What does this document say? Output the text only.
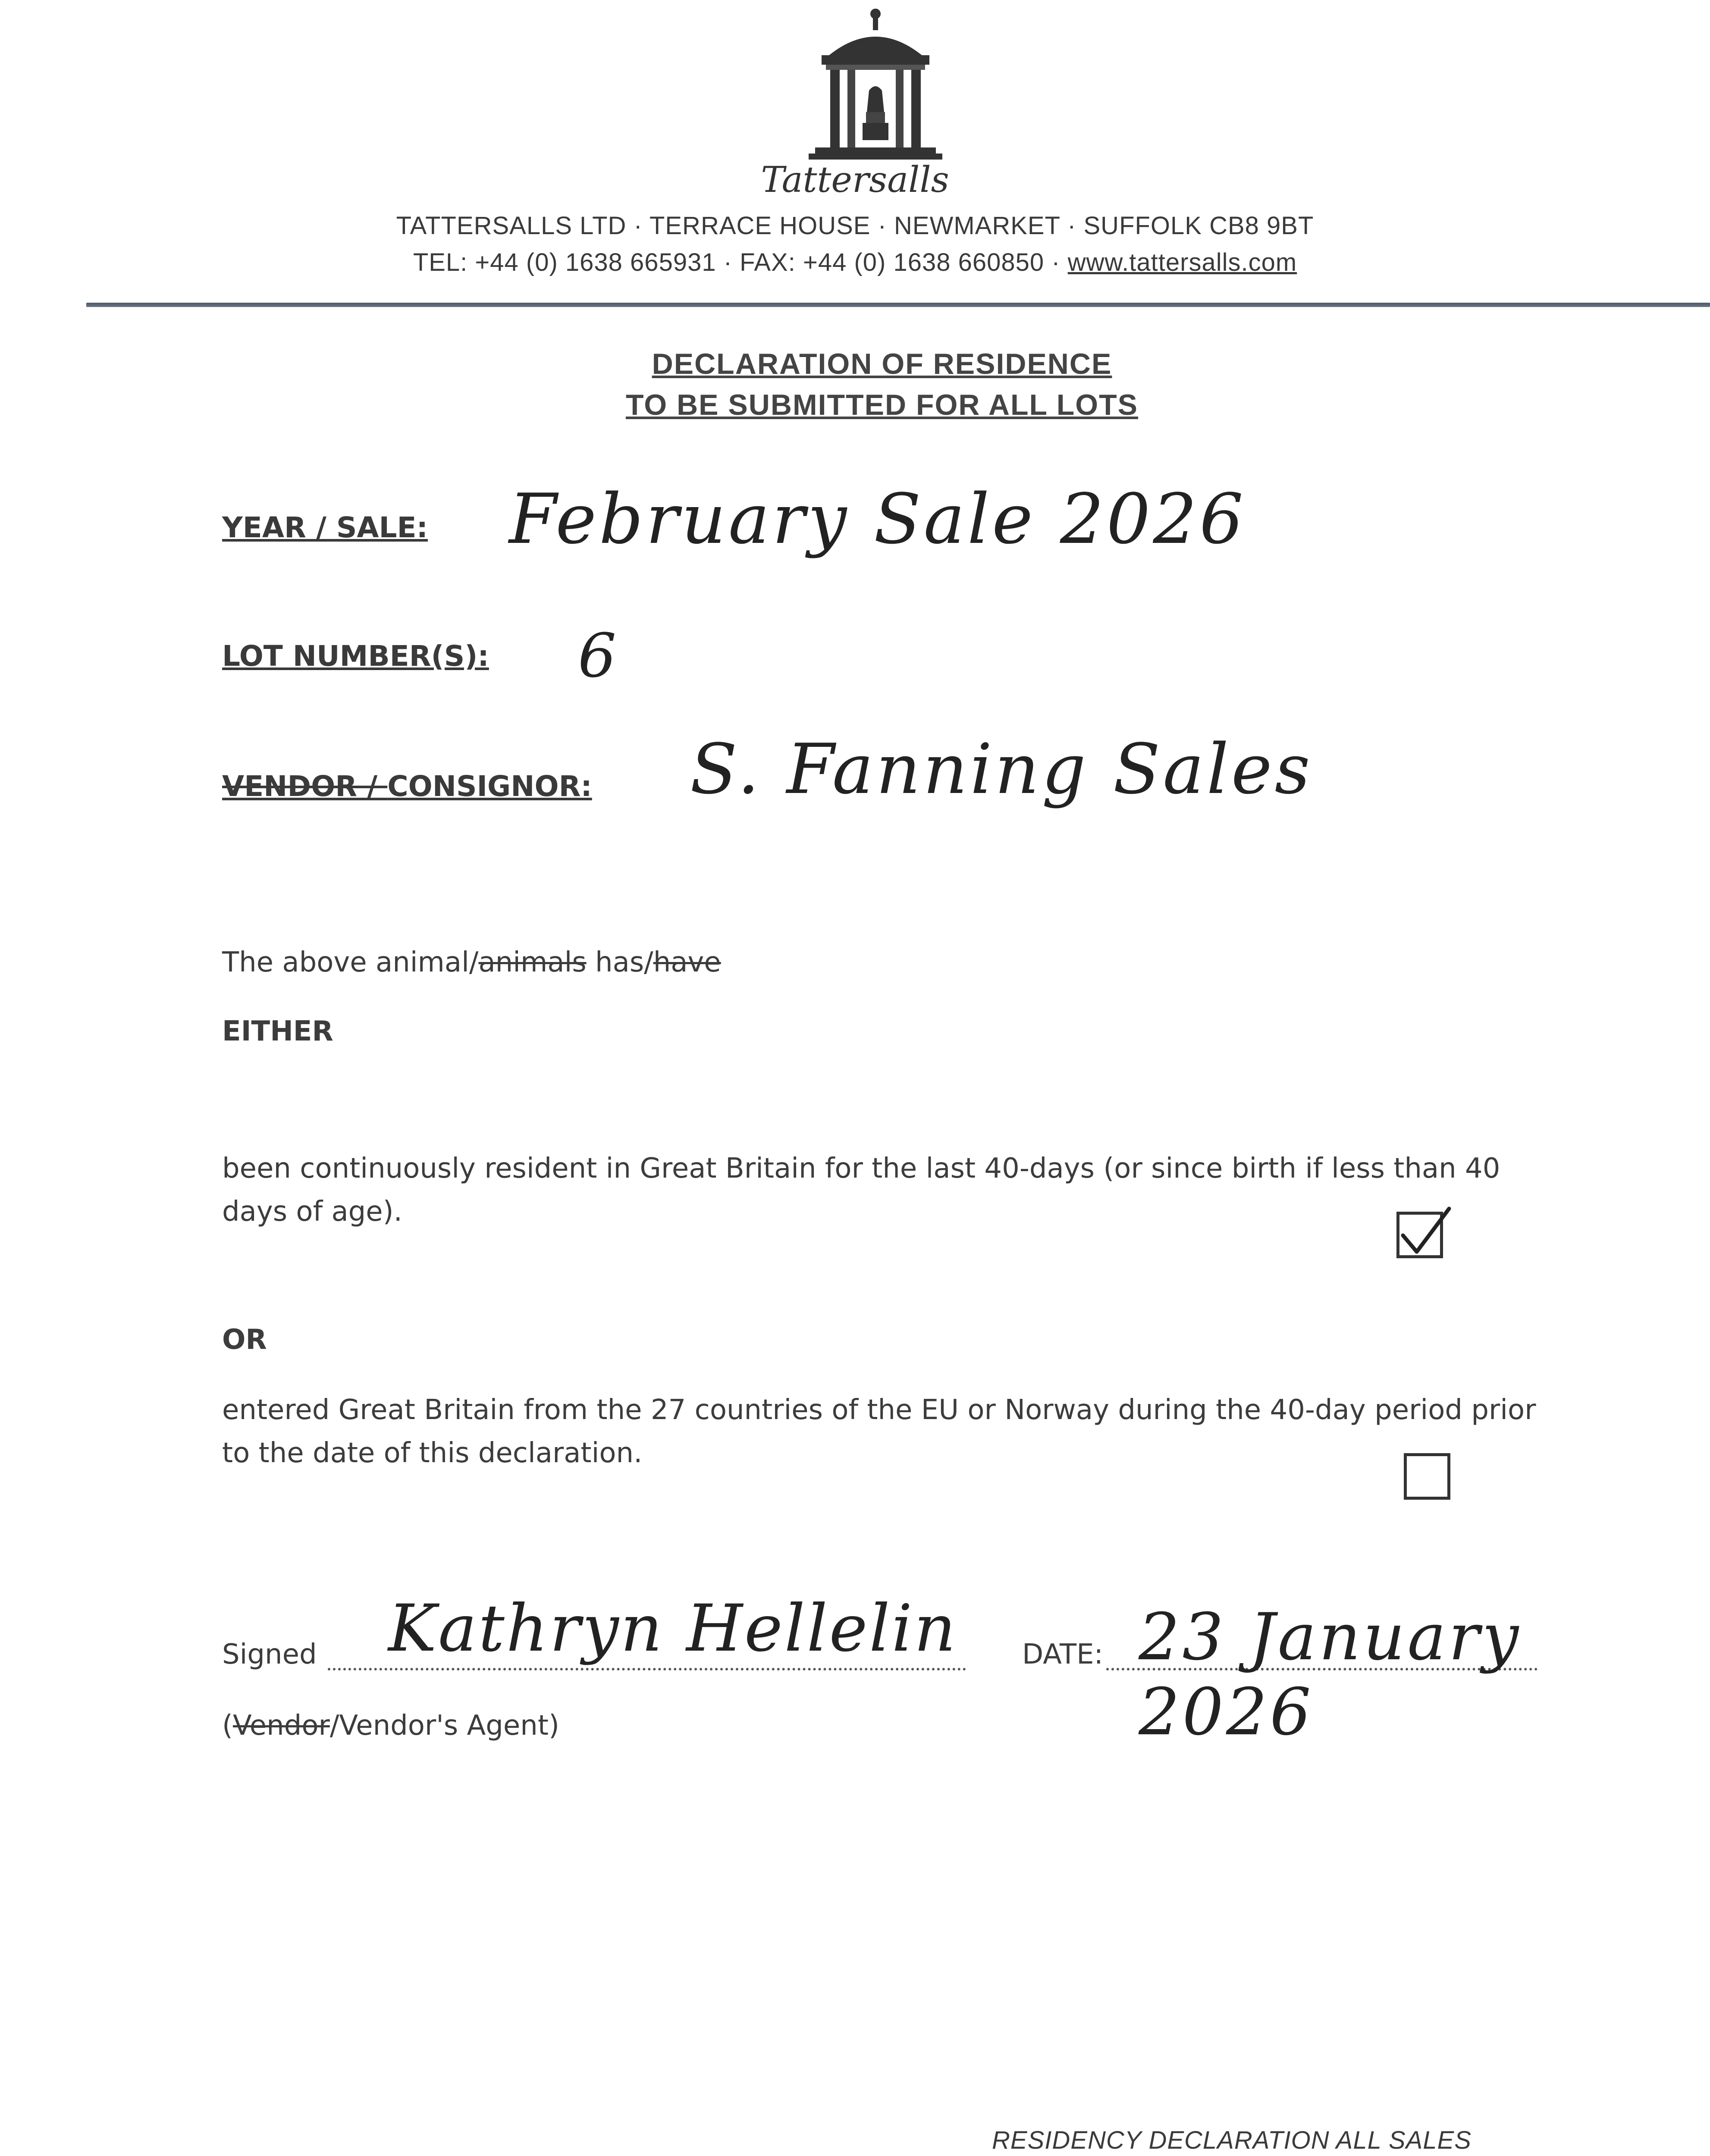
Tattersalls
TATTERSALLS LTD · TERRACE HOUSE · NEWMARKET · SUFFOLK CB8 9BT
TEL: +44 (0) 1638 665931 · FAX: +44 (0) 1638 660850 · www.tattersalls.com
DECLARATION OF RESIDENCE
TO BE SUBMITTED FOR ALL LOTS
YEAR / SALE: February Sale 2026
LOT NUMBER(S): 6
VENDOR / CONSIGNOR: S. Fanning Sales
The above animal/animals has/have
EITHER
been continuously resident in Great Britain for the last 40-days (or since birth if less than 40 days of age).
OR
entered Great Britain from the 27 countries of the EU or Norway during the 40-day period prior to the date of this declaration.
Signed Kathryn Hellelin DATE: 23 January 2026
(Vendor/Vendor's Agent)
RESIDENCY DECLARATION ALL SALES
